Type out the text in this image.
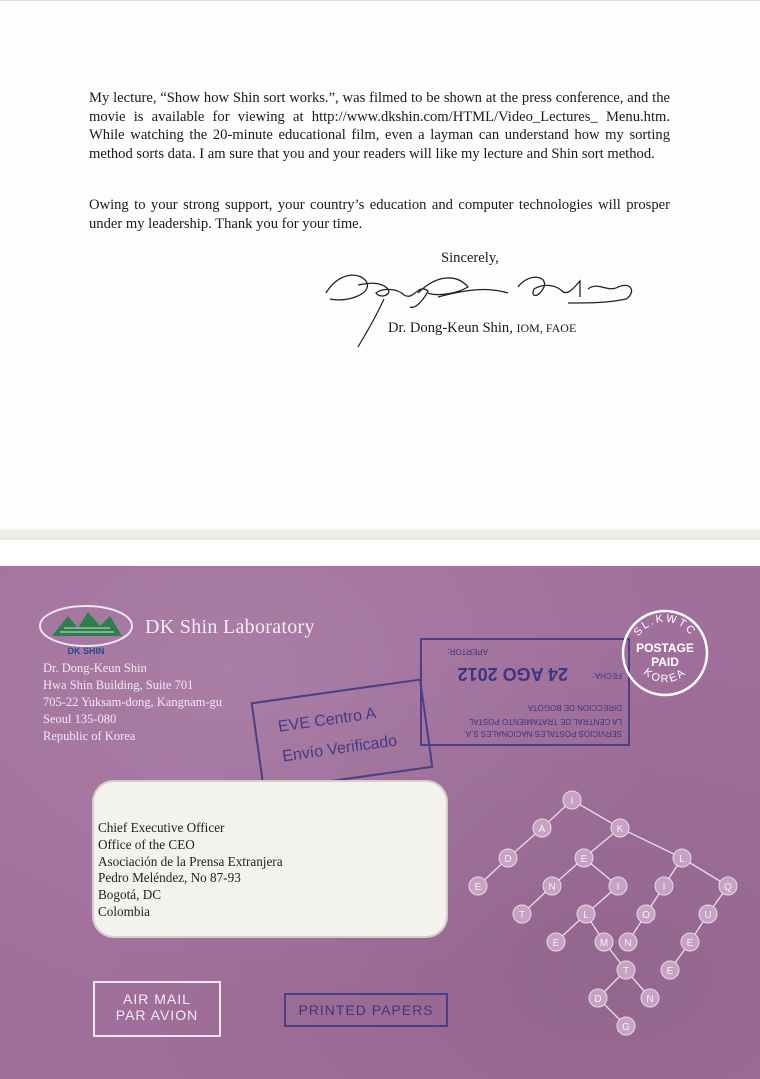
My lecture, “Show how Shin sort works.”, was filmed to be shown at the press conference, and the movie is available for viewing at http://www.dkshin.com/HTML/Video_Lectures_ Menu.htm. While watching the 20-minute educational film, even a layman can understand how my sorting method sorts data. I am sure that you and your readers will like my lecture and Shin sort method.

Owing to your strong support, your country’s education and computer technologies will prosper under my leadership. Thank you for your time.

Sincerely,
Dr. Dong-Keun Shin, IOM, FAOE
DK SHIN
DK Shin Laboratory
Dr. Dong-Keun Shin
Hwa Shin Building, Suite 701
705-22 Yuksam-dong, Kangnam-gu
Seoul 135-080
Republic of Korea	SERVICIOS POSTALES NACIONALES S.A.
LA CENTRAL DE TRATAMIENTO POSTAL
DIRECCION DE BOGOTA
24 AGO 2012	FECHA:
APERTOR:
EVE Centro A
Envío Verificado
SL.KWTC
POSTAGE
PAID
KOREA
Chief Executive Officer
Office of the CEO
Asociación de la Prensa Extranjera
Pedro Meléndez, No 87-93
Bogotá, DC
Colombia
I
A	K
D	E	L
E	N	I	I	Q
T	L	O	U
E	M N	E
T	E
D	N
G
AIR MAIL
PAR AVION	PRINTED PAPERS
